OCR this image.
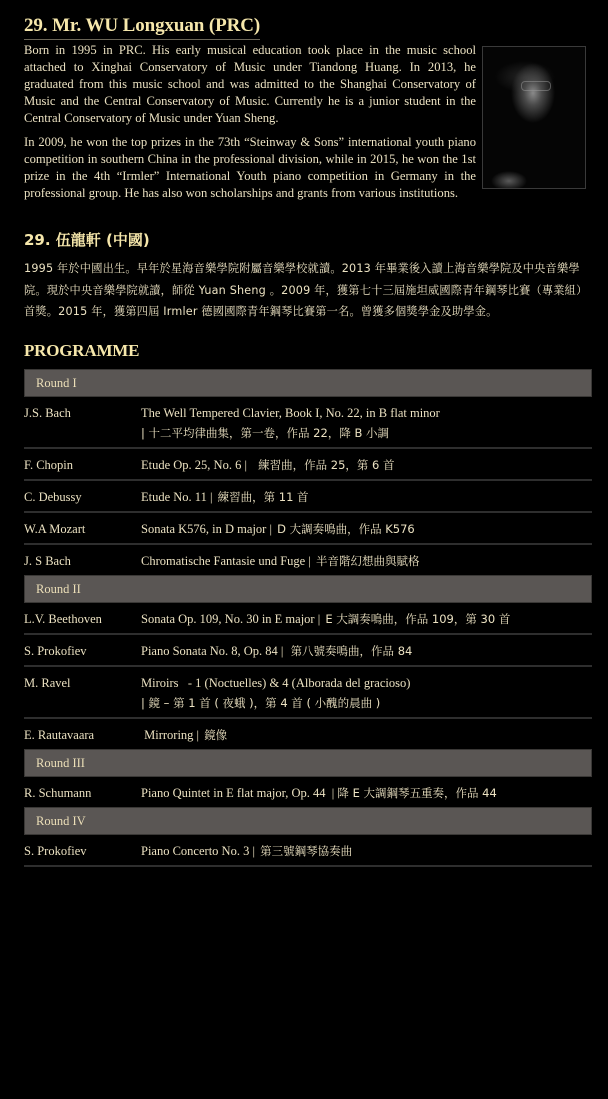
29. Mr. WU Longxuan (PRC)

Born in 1995 in PRC. His early musical education took place in the music school attached to Xinghai Conservatory of Music under Tiandong Huang. In 2013, he graduated from this music school and was admitted to the Shanghai Conservatory of Music and the Central Conservatory of Music. Currently he is a junior student in the Central Conservatory of Music under Yuan Sheng.

In 2009, he won the top prizes in the 73th “Steinway & Sons” international youth piano competition in southern China in the professional division, while in 2015, he won the 1st prize in the 4th “Irmler” International Youth piano competition in Germany in the professional group. He has also won scholarships and grants from various institutions.

29. 伍龍軒 (中國)

1995 年於中國出生。早年於星海音樂學院附屬音樂學校就讀。2013 年畢業後入讀上海音樂學院及中央音樂學院。現於中央音樂學院就讀，師從 Yuan Sheng 。2009 年，獲第七十三屆施坦威國際青年鋼琴比賽（專業組）首獎。2015 年，獲第四屆 Irmler 德國國際青年鋼琴比賽第一名。曾獲多個獎學金及助學金。

PROGRAMME
Round I
J.S. Bach	The Well Tempered Clavier, Book I, No. 22, in B flat minor
| 十二平均律曲集，第一卷，作品 22，降 B 小調
F. Chopin	Etude Op. 25, No. 6 | 練習曲，作品 25，第 6 首
C. Debussy	Etude No. 11 | 練習曲，第 11 首
W.A Mozart	Sonata K576, in D major | D 大調奏鳴曲，作品 K576
J. S Bach	Chromatische Fantasie und Fuge | 半音階幻想曲與賦格
Round II
L.V. Beethoven	Sonata Op. 109, No. 30 in E major | E 大調奏鳴曲，作品 109，第 30 首
S. Prokofiev	Piano Sonata No. 8, Op. 84 | 第八號奏鳴曲，作品 84
M. Ravel	Miroirs   - 1 (Noctuelles) & 4 (Alborada del gracioso)
| 鏡 – 第 1 首 ( 夜蛾 )，第 4 首 ( 小醜的晨曲 )
E. Rautavaara	Mirroring | 鏡像
Round III
R. Schumann	Piano Quintet in E flat major, Op. 44  | 降 E 大調鋼琴五重奏，作品 44
Round IV
S. Prokofiev	Piano Concerto No. 3 | 第三號鋼琴協奏曲
